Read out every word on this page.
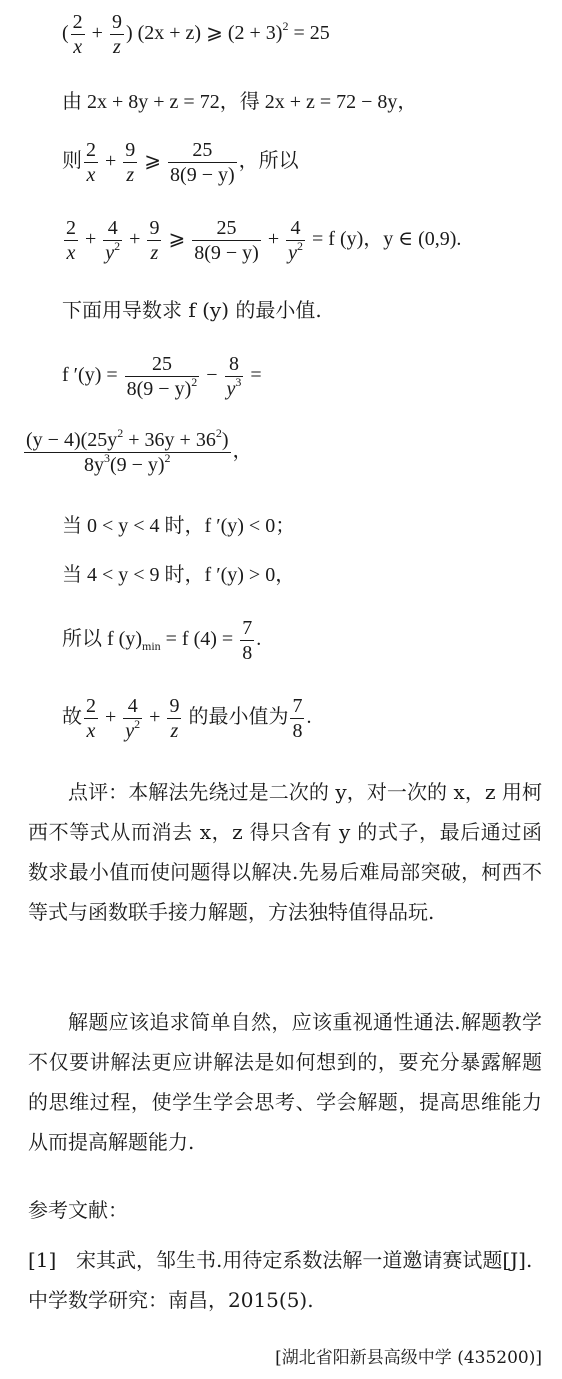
( $\frac{2}{x} + \frac{9}{z}$ ) (2x + z) ⩾ $(2 + 3)^2 = 25$
由 2x + 8y + z = 72，得 2x + z = 72 − 8y，
则 $\frac{2}{x} + \frac{9}{z}$ ⩾ $\frac{25}{8(9 - y)}$ ，所以
$\frac{2}{x} + \frac{4}{y^2} + \frac{9}{z}$ ⩾ $\frac{25}{8(9 - y)} + \frac{4}{y^2} = f$ (y)，y ∈ (0,9).
下面用导数求 f (y) 的最小值.
f $'(y) = \frac{25}{8(9 - y)^2} - \frac{8}{y^3}$ =
$\frac{(y - 4)(25y^2 + 36y + 36^2)}{8y^3(9 - y)^2}$ ，
当 0 < y < 4 时，f ′(y) < 0；
当 4 < y < 9 时，f ′(y) > 0，
所以 f $(y)_{min} = f$ $(4) = \frac{7}{8}$ .
故 $\frac{2}{x} + \frac{4}{y^2} + \frac{9}{z}$ 的最小值为 $\frac{7}{8}$ .
点评：本解法先绕过是二次的 y，对一次的 x，z 用柯西不等式从而消去 x，z 得只含有 y 的式子，最后通过函数求最小值而使问题得以解决.先易后难局部突破，柯西不等式与函数联手接力解题，方法独特值得品玩.
解题应该追求简单自然，应该重视通性通法.解题教学不仅要讲解法更应讲解法是如何想到的，要充分暴露解题的思维过程，使学生学会思考、学会解题，提高思维能力从而提高解题能力.
参考文献：
[1] 宋其武，邹生书.用待定系数法解一道邀请赛试题[J].中学数学研究：南昌，2015(5).
[湖北省阳新县高级中学 (435200)]
